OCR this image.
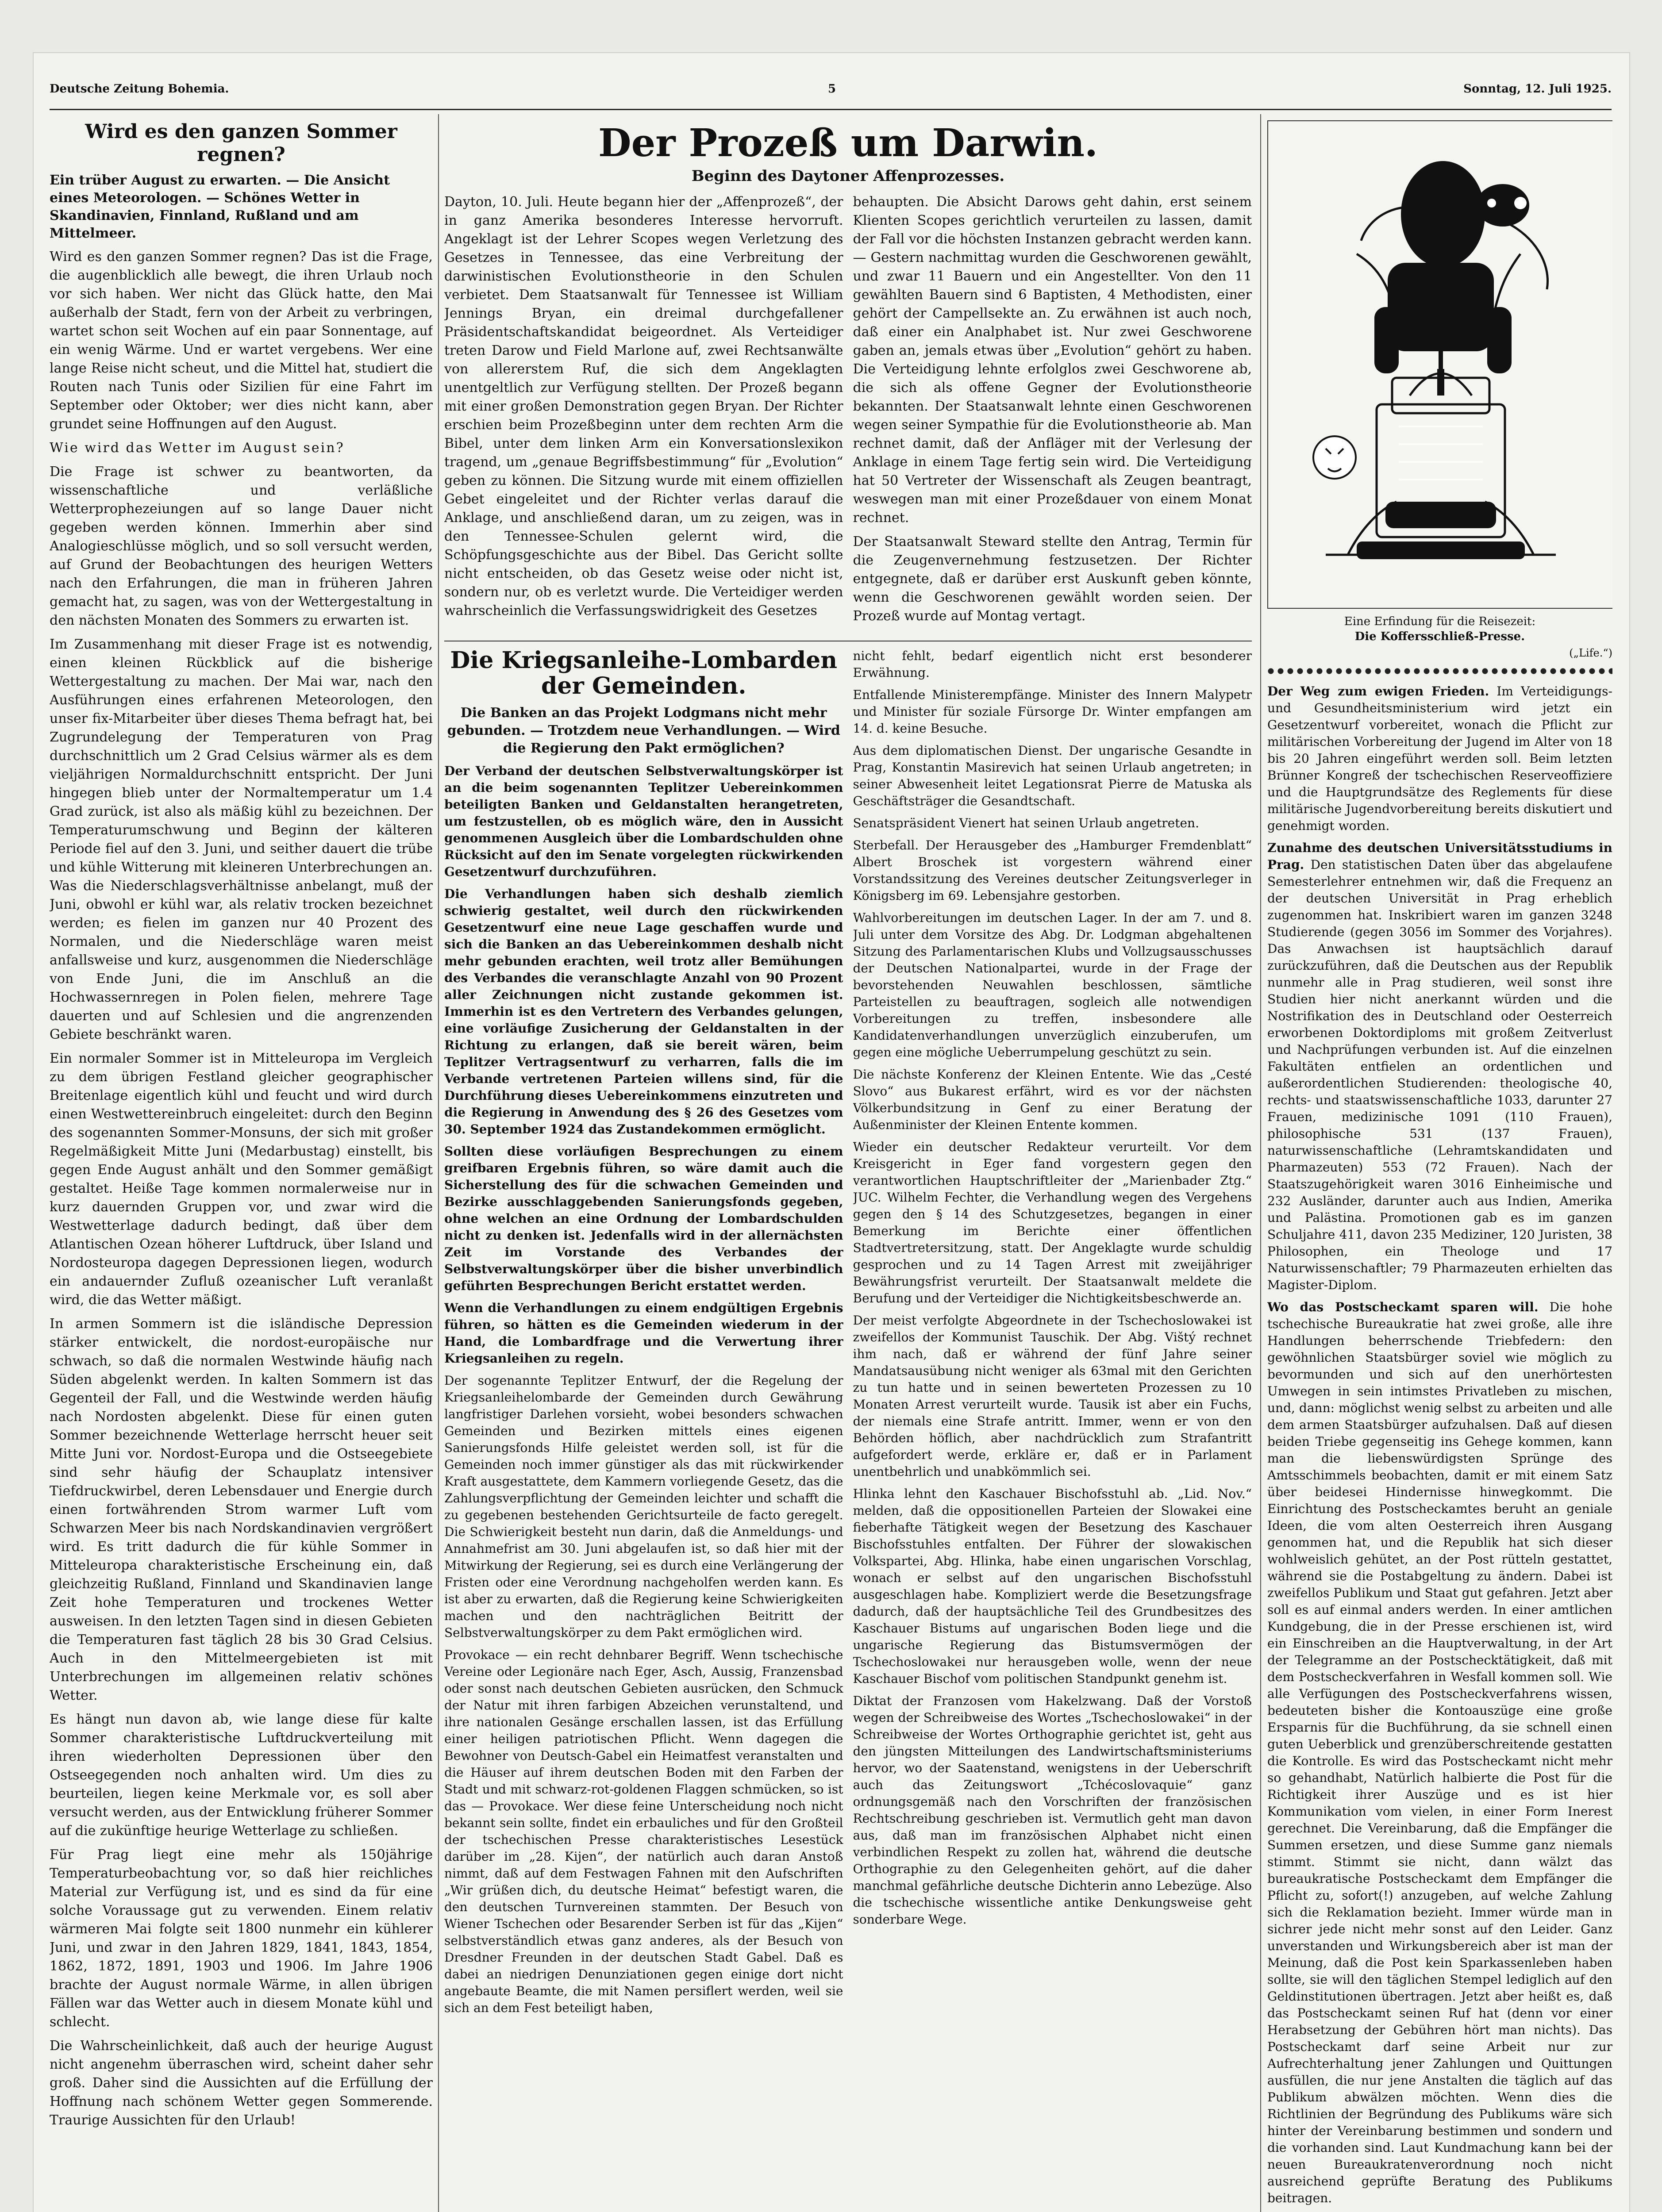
Deutsche Zeitung Bohemia.	5	Sonntag, 12. Juli 1925.
Wird es den ganzen Sommer regnen?
Ein trüber August zu erwarten. — Die Ansicht eines Meteorologen. — Schönes Wetter in Skandinavien, Finnland, Rußland und am Mittelmeer.

Wird es den ganzen Sommer regnen? Das ist die Frage, die augenblicklich alle bewegt, die ihren Urlaub noch vor sich haben. Wer nicht das Glück hatte, den Mai außerhalb der Stadt, fern von der Arbeit zu verbringen, wartet schon seit Wochen auf ein paar Sonnentage, auf ein wenig Wärme. Und er wartet vergebens. Wer eine lange Reise nicht scheut, und die Mittel hat, studiert die Routen nach Tunis oder Sizilien für eine Fahrt im September oder Oktober; wer dies nicht kann, aber grundet seine Hoffnungen auf den August.

Wie wird das Wetter im August sein?

Die Frage ist schwer zu beantworten, da wissenschaftliche und verläßliche Wetterprophezeiungen auf so lange Dauer nicht gegeben werden können. Immerhin aber sind Analogieschlüsse möglich, und so soll versucht werden, auf Grund der Beobachtungen des heurigen Wetters nach den Erfahrungen, die man in früheren Jahren gemacht hat, zu sagen, was von der Wettergestaltung in den nächsten Monaten des Sommers zu erwarten ist.

Im Zusammenhang mit dieser Frage ist es notwendig, einen kleinen Rückblick auf die bisherige Wettergestaltung zu machen. Der Mai war, nach den Ausführungen eines erfahrenen Meteorologen, den unser fix-Mitarbeiter über dieses Thema befragt hat, bei Zugrundelegung der Temperaturen von Prag durchschnittlich um 2 Grad Celsius wärmer als es dem vieljährigen Normaldurchschnitt entspricht. Der Juni hingegen blieb unter der Normaltemperatur um 1.4 Grad zurück, ist also als mäßig kühl zu bezeichnen. Der Temperaturumschwung und Beginn der kälteren Periode fiel auf den 3. Juni, und seither dauert die trübe und kühle Witterung mit kleineren Unterbrechungen an. Was die Niederschlagsverhältnisse anbelangt, muß der Juni, obwohl er kühl war, als relativ trocken bezeichnet werden; es fielen im ganzen nur 40 Prozent des Normalen, und die Niederschläge waren meist anfallsweise und kurz, ausgenommen die Niederschläge von Ende Juni, die im Anschluß an die Hochwassernregen in Polen fielen, mehrere Tage dauerten und auf Schlesien und die angrenzenden Gebiete beschränkt waren.

Ein normaler Sommer ist in Mitteleuropa im Vergleich zu dem übrigen Festland gleicher geographischer Breitenlage eigentlich kühl und feucht und wird durch einen Westwettereinbruch eingeleitet: durch den Beginn des sogenannten Sommer-Monsuns, der sich mit großer Regelmäßigkeit Mitte Juni (Medarbustag) einstellt, bis gegen Ende August anhält und den Sommer gemäßigt gestaltet. Heiße Tage kommen normalerweise nur in kurz dauernden Gruppen vor, und zwar wird die Westwetterlage dadurch bedingt, daß über dem Atlantischen Ozean höherer Luftdruck, über Island und Nordosteuropa dagegen Depressionen liegen, wodurch ein andauernder Zufluß ozeanischer Luft veranlaßt wird, die das Wetter mäßigt.

In armen Sommern ist die isländische Depression stärker entwickelt, die nordost-europäische nur schwach, so daß die normalen Westwinde häufig nach Süden abgelenkt werden. In kalten Sommern ist das Gegenteil der Fall, und die Westwinde werden häufig nach Nordosten abgelenkt. Diese für einen guten Sommer bezeichnende Wetterlage herrscht heuer seit Mitte Juni vor. Nordost-Europa und die Ostseegebiete sind sehr häufig der Schauplatz intensiver Tiefdruckwirbel, deren Lebensdauer und Energie durch einen fortwährenden Strom warmer Luft vom Schwarzen Meer bis nach Nordskandinavien vergrößert wird. Es tritt dadurch die für kühle Sommer in Mitteleuropa charakteristische Erscheinung ein, daß gleichzeitig Rußland, Finnland und Skandinavien lange Zeit hohe Temperaturen und trockenes Wetter ausweisen. In den letzten Tagen sind in diesen Gebieten die Temperaturen fast täglich 28 bis 30 Grad Celsius. Auch in den Mittelmeergebieten ist mit Unterbrechungen im allgemeinen relativ schönes Wetter.

Es hängt nun davon ab, wie lange diese für kalte Sommer charakteristische Luftdruckverteilung mit ihren wiederholten Depressionen über den Ostseegegenden noch anhalten wird. Um dies zu beurteilen, liegen keine Merkmale vor, es soll aber versucht werden, aus der Entwicklung früherer Sommer auf die zukünftige heurige Wetterlage zu schließen.

Für Prag liegt eine mehr als 150jährige Temperaturbeobachtung vor, so daß hier reichliches Material zur Verfügung ist, und es sind da für eine solche Voraussage gut zu verwenden. Einem relativ wärmeren Mai folgte seit 1800 nunmehr ein kühlerer Juni, und zwar in den Jahren 1829, 1841, 1843, 1854, 1862, 1872, 1891, 1903 und 1906. Im Jahre 1906 brachte der August normale Wärme, in allen übrigen Fällen war das Wetter auch in diesem Monate kühl und schlecht.

Die Wahrscheinlichkeit, daß auch der heurige August nicht angenehm überraschen wird, scheint daher sehr groß. Daher sind die Aussichten auf die Erfüllung der Hoffnung nach schönem Wetter gegen Sommerende. Traurige Aussichten für den Urlaub!

Der Prozeß um Darwin.
Beginn des Daytoner Affenprozesses.

Dayton, 10. Juli. Heute begann hier der „Affenprozeß“, der in ganz Amerika besonderes Interesse hervorruft. Angeklagt ist der Lehrer Scopes wegen Verletzung des Gesetzes in Tennessee, das eine Verbreitung der darwinistischen Evolutionstheorie in den Schulen verbietet. Dem Staatsanwalt für Tennessee ist William Jennings Bryan, ein dreimal durchgefallener Präsidentschaftskandidat beigeordnet. Als Verteidiger treten Darow und Field Marlone auf, zwei Rechtsanwälte von allererstem Ruf, die sich dem Angeklagten unentgeltlich zur Verfügung stellten. Der Prozeß begann mit einer großen Demonstration gegen Bryan. Der Richter erschien beim Prozeßbeginn unter dem rechten Arm die Bibel, unter dem linken Arm ein Konversationslexikon tragend, um „genaue Begriffsbestimmung“ für „Evolution“ geben zu können. Die Sitzung wurde mit einem offiziellen Gebet eingeleitet und der Richter verlas darauf die Anklage, und anschließend daran, um zu zeigen, was in den Tennessee-Schulen gelernt wird, die Schöpfungsgeschichte aus der Bibel. Das Gericht sollte nicht entscheiden, ob das Gesetz weise oder nicht ist, sondern nur, ob es verletzt wurde. Die Verteidiger werden wahrscheinlich die Verfassungswidrigkeit des Gesetzes

behaupten. Die Absicht Darows geht dahin, erst seinem Klienten Scopes gerichtlich verurteilen zu lassen, damit der Fall vor die höchsten Instanzen gebracht werden kann. — Gestern nachmittag wurden die Geschworenen gewählt, und zwar 11 Bauern und ein Angestellter. Von den 11 gewählten Bauern sind 6 Baptisten, 4 Methodisten, einer gehört der Campellsekte an. Zu erwähnen ist auch noch, daß einer ein Analphabet ist. Nur zwei Geschworene gaben an, jemals etwas über „Evolution“ gehört zu haben. Die Verteidigung lehnte erfolglos zwei Geschworene ab, die sich als offene Gegner der Evolutionstheorie bekannten. Der Staatsanwalt lehnte einen Geschworenen wegen seiner Sympathie für die Evolutionstheorie ab. Man rechnet damit, daß der Anfläger mit der Verlesung der Anklage in einem Tage fertig sein wird. Die Verteidigung hat 50 Vertreter der Wissenschaft als Zeugen beantragt, weswegen man mit einer Prozeßdauer von einem Monat rechnet.

Der Staatsanwalt Steward stellte den Antrag, Termin für die Zeugenvernehmung festzusetzen. Der Richter entgegnete, daß er darüber erst Auskunft geben könnte, wenn die Geschworenen gewählt worden seien. Der Prozeß wurde auf Montag vertagt.

Die Kriegsanleihe-Lombarden der Gemeinden.
Die Banken an das Projekt Lodgmans nicht mehr gebunden. — Trotzdem neue Verhandlungen. — Wird die Regierung den Pakt ermöglichen?

Der Verband der deutschen Selbstverwaltungskörper ist an die beim sogenannten Teplitzer Uebereinkommen beteiligten Banken und Geldanstalten herangetreten, um festzustellen, ob es möglich wäre, den in Aussicht genommenen Ausgleich über die Lombardschulden ohne Rücksicht auf den im Senate vorgelegten rückwirkenden Gesetzentwurf durchzuführen.

Die Verhandlungen haben sich deshalb ziemlich schwierig gestaltet, weil durch den rückwirkenden Gesetzentwurf eine neue Lage geschaffen wurde und sich die Banken an das Uebereinkommen deshalb nicht mehr gebunden erachten, weil trotz aller Bemühungen des Verbandes die veranschlagte Anzahl von 90 Prozent aller Zeichnungen nicht zustande gekommen ist. Immerhin ist es den Vertretern des Verbandes gelungen, eine vorläufige Zusicherung der Geldanstalten in der Richtung zu erlangen, daß sie bereit wären, beim Teplitzer Vertragsentwurf zu verharren, falls die im Verbande vertretenen Parteien willens sind, für die Durchführung dieses Uebereinkommens einzutreten und die Regierung in Anwendung des § 26 des Gesetzes vom 30. September 1924 das Zustandekommen ermöglicht.

Sollten diese vorläufigen Besprechungen zu einem greifbaren Ergebnis führen, so wäre damit auch die Sicherstellung des für die schwachen Gemeinden und Bezirke ausschlaggebenden Sanierungsfonds gegeben, ohne welchen an eine Ordnung der Lombardschulden nicht zu denken ist. Jedenfalls wird in der allernächsten Zeit im Vorstande des Verbandes der Selbstverwaltungskörper über die bisher unverbindlich geführten Besprechungen Bericht erstattet werden.

Wenn die Verhandlungen zu einem endgültigen Ergebnis führen, so hätten es die Gemeinden wiederum in der Hand, die Lombardfrage und die Verwertung ihrer Kriegsanleihen zu regeln.

Der sogenannte Teplitzer Entwurf, der die Regelung der Kriegsanleihelombarde der Gemeinden durch Gewährung langfristiger Darlehen vorsieht, wobei besonders schwachen Gemeinden und Bezirken mittels eines eigenen Sanierungsfonds Hilfe geleistet werden soll, ist für die Gemeinden noch immer günstiger als das mit rückwirkender Kraft ausgestattete, dem Kammern vorliegende Gesetz, das die Zahlungsverpflichtung der Gemeinden leichter und schafft die zu gegebenen bestehenden Gerichtsurteile de facto geregelt. Die Schwierigkeit besteht nun darin, daß die Anmeldungs- und Annahmefrist am 30. Juni abgelaufen ist, so daß hier mit der Mitwirkung der Regierung, sei es durch eine Verlängerung der Fristen oder eine Verordnung nachgeholfen werden kann. Es ist aber zu erwarten, daß die Regierung keine Schwierigkeiten machen und den nachträglichen Beitritt der Selbstverwaltungskörper zu dem Pakt ermöglichen wird.

Provokace — ein recht dehnbarer Begriff. Wenn tschechische Vereine oder Legionäre nach Eger, Asch, Aussig, Franzensbad oder sonst nach deutschen Gebieten ausrücken, den Schmuck der Natur mit ihren farbigen Abzeichen verunstaltend, und ihre nationalen Gesänge erschallen lassen, ist das Erfüllung einer heiligen patriotischen Pflicht. Wenn dagegen die Bewohner von Deutsch-Gabel ein Heimatfest veranstalten und die Häuser auf ihrem deutschen Boden mit den Farben der Stadt und mit schwarz-rot-goldenen Flaggen schmücken, so ist das — Provokace. Wer diese feine Unterscheidung noch nicht bekannt sein sollte, findet ein erbauliches und für den Großteil der tschechischen Presse charakteristisches Lesestück darüber im „28. Kijen“, der natürlich auch daran Anstoß nimmt, daß auf dem Festwagen Fahnen mit den Aufschriften „Wir grüßen dich, du deutsche Heimat“ befestigt waren, die den deutschen Turnvereinen stammten. Der Besuch von Wiener Tschechen oder Besarender Serben ist für das „Kijen“ selbstverständlich etwas ganz anderes, als der Besuch von Dresdner Freunden in der deutschen Stadt Gabel. Daß es dabei an niedrigen Denunziationen gegen einige dort nicht angebaute Beamte, die mit Namen persiflert werden, weil sie sich an dem Fest beteiligt haben,

nicht fehlt, bedarf eigentlich nicht erst besonderer Erwähnung.

Entfallende Ministerempfänge. Minister des Innern Malypetr und Minister für soziale Fürsorge Dr. Winter empfangen am 14. d. keine Besuche.

Aus dem diplomatischen Dienst. Der ungarische Gesandte in Prag, Konstantin Masirevich hat seinen Urlaub angetreten; in seiner Abwesenheit leitet Legationsrat Pierre de Matuska als Geschäftsträger die Gesandtschaft.

Senatspräsident Vienert hat seinen Urlaub angetreten.

Sterbefall. Der Herausgeber des „Hamburger Fremdenblatt“ Albert Broschek ist vorgestern während einer Vorstandssitzung des Vereines deutscher Zeitungsverleger in Königsberg im 69. Lebensjahre gestorben.

Wahlvorbereitungen im deutschen Lager. In der am 7. und 8. Juli unter dem Vorsitze des Abg. Dr. Lodgman abgehaltenen Sitzung des Parlamentarischen Klubs und Vollzugsausschusses der Deutschen Nationalpartei, wurde in der Frage der bevorstehenden Neuwahlen beschlossen, sämtliche Parteistellen zu beauftragen, sogleich alle notwendigen Vorbereitungen zu treffen, insbesondere alle Kandidatenverhandlungen unverzüglich einzuberufen, um gegen eine mögliche Ueberrumpelung geschützt zu sein.

Die nächste Konferenz der Kleinen Entente. Wie das „Cesté Slovo“ aus Bukarest erfährt, wird es vor der nächsten Völkerbundsitzung in Genf zu einer Beratung der Außenminister der Kleinen Entente kommen.

Wieder ein deutscher Redakteur verurteilt. Vor dem Kreisgericht in Eger fand vorgestern gegen den verantwortlichen Hauptschriftleiter der „Marienbader Ztg.“ JUC. Wilhelm Fechter, die Verhandlung wegen des Vergehens gegen den § 14 des Schutzgesetzes, begangen in einer Bemerkung im Berichte einer öffentlichen Stadtvertretersitzung, statt. Der Angeklagte wurde schuldig gesprochen und zu 14 Tagen Arrest mit zweijähriger Bewährungsfrist verurteilt. Der Staatsanwalt meldete die Berufung und der Verteidiger die Nichtigkeitsbeschwerde an.

Der meist verfolgte Abgeordnete in der Tschechoslowakei ist zweifellos der Kommunist Tauschik. Der Abg. Vištý rechnet ihm nach, daß er während der fünf Jahre seiner Mandatsausübung nicht weniger als 63mal mit den Gerichten zu tun hatte und in seinen bewerteten Prozessen zu 10 Monaten Arrest verurteilt wurde. Tausik ist aber ein Fuchs, der niemals eine Strafe antritt. Immer, wenn er von den Behörden höflich, aber nachdrücklich zum Strafantritt aufgefordert werde, erkläre er, daß er in Parlament unentbehrlich und unabkömmlich sei.

Hlinka lehnt den Kaschauer Bischofsstuhl ab. „Lid. Nov.“ melden, daß die oppositionellen Parteien der Slowakei eine fieberhafte Tätigkeit wegen der Besetzung des Kaschauer Bischofsstuhles entfalten. Der Führer der slowakischen Volkspartei, Abg. Hlinka, habe einen ungarischen Vorschlag, wonach er selbst auf den ungarischen Bischofsstuhl ausgeschlagen habe. Kompliziert werde die Besetzungsfrage dadurch, daß der hauptsächliche Teil des Grundbesitzes des Kaschauer Bistums auf ungarischen Boden liege und die ungarische Regierung das Bistumsvermögen der Tschechoslowakei nur herausgeben wolle, wenn der neue Kaschauer Bischof vom politischen Standpunkt genehm ist.

Diktat der Franzosen vom Hakelzwang. Daß der Vorstoß wegen der Schreibweise des Wortes „Tschechoslowakei“ in der Schreibweise der Wortes Orthographie gerichtet ist, geht aus den jüngsten Mitteilungen des Landwirtschaftsministeriums hervor, wo der Saatenstand, wenigstens in der Ueberschrift auch das Zeitungswort „Tchécoslovaquie“ ganz ordnungsgemäß nach den Vorschriften der französischen Rechtschreibung geschrieben ist. Vermutlich geht man davon aus, daß man im französischen Alphabet nicht einen verbindlichen Respekt zu zollen hat, während die deutsche Orthographie zu den Gelegenheiten gehört, auf die daher manchmal gefährliche deutsche Dichterin anno Lebezüge. Also die tschechische wissentliche antike Denkungsweise geht sonderbare Wege.

Eine Erfindung für die Reisezeit:
Die Koffersschließ-Presse.
(„Life.“)

Der Weg zum ewigen Frieden. Im Verteidigungs- und Gesundheitsministerium wird jetzt ein Gesetzentwurf vorbereitet, wonach die Pflicht zur militärischen Vorbereitung der Jugend im Alter von 18 bis 20 Jahren eingeführt werden soll. Beim letzten Brünner Kongreß der tschechischen Reserveoffiziere und die Hauptgrundsätze des Reglements für diese militärische Jugendvorbereitung bereits diskutiert und genehmigt worden.

Zunahme des deutschen Universitätsstudiums in Prag. Den statistischen Daten über das abgelaufene Semesterlehrer entnehmen wir, daß die Frequenz an der deutschen Universität in Prag erheblich zugenommen hat. Inskribiert waren im ganzen 3248 Studierende (gegen 3056 im Sommer des Vorjahres). Das Anwachsen ist hauptsächlich darauf zurückzuführen, daß die Deutschen aus der Republik nunmehr alle in Prag studieren, weil sonst ihre Studien hier nicht anerkannt würden und die Nostrifikation des in Deutschland oder Oesterreich erworbenen Doktordiploms mit großem Zeitverlust und Nachprüfungen verbunden ist. Auf die einzelnen Fakultäten entfielen an ordentlichen und außerordentlichen Studierenden: theologische 40, rechts- und staatswissenschaftliche 1033, darunter 27 Frauen, medizinische 1091 (110 Frauen), philosophische 531 (137 Frauen), naturwissenschaftliche (Lehramtskandidaten und Pharmazeuten) 553 (72 Frauen). Nach der Staatszugehörigkeit waren 3016 Einheimische und 232 Ausländer, darunter auch aus Indien, Amerika und Palästina. Promotionen gab es im ganzen Schuljahre 411, davon 235 Mediziner, 120 Juristen, 38 Philosophen, ein Theologe und 17 Naturwissenschaftler; 79 Pharmazeuten erhielten das Magister-Diplom.

Wo das Postscheckamt sparen will. Die hohe tschechische Bureaukratie hat zwei große, alle ihre Handlungen beherrschende Triebfedern: den gewöhnlichen Staatsbürger soviel wie möglich zu bevormunden und sich auf den unerhörtesten Umwegen in sein intimstes Privatleben zu mischen, und, dann: möglichst wenig selbst zu arbeiten und alle dem armen Staatsbürger aufzuhalsen. Daß auf diesen beiden Triebe gegenseitig ins Gehege kommen, kann man die liebenswürdigsten Sprünge des Amtsschimmels beobachten, damit er mit einem Satz über beidesei Hindernisse hinwegkommt. Die Einrichtung des Postscheckamtes beruht an geniale Ideen, die vom alten Oesterreich ihren Ausgang genommen hat, und die Republik hat sich dieser wohlweislich gehütet, an der Post rütteln gestattet, während sie die Postabgeltung zu ändern. Dabei ist zweifellos Publikum und Staat gut gefahren. Jetzt aber soll es auf einmal anders werden. In einer amtlichen Kundgebung, die in der Presse erschienen ist, wird ein Einschreiben an die Hauptverwaltung, in der Art der Telegramme an der Postschecktätigkeit, daß mit dem Postscheckverfahren in Wesfall kommen soll. Wie alle Verfügungen des Postscheckverfahrens wissen, bedeuteten bisher die Kontoauszüge eine große Ersparnis für die Buchführung, da sie schnell einen guten Ueberblick und grenzüberschreitende gestatten die Kontrolle. Es wird das Postscheckamt nicht mehr so gehandhabt, Natürlich halbierte die Post für die Richtigkeit ihrer Auszüge und es ist hier Kommunikation vom vielen, in einer Form Inerest gerechnet. Die Vereinbarung, daß die Empfänger die Summen ersetzen, und diese Summe ganz niemals stimmt. Stimmt sie nicht, dann wälzt das bureaukratische Postscheckamt dem Empfänger die Pflicht zu, sofort(!) anzugeben, auf welche Zahlung sich die Reklamation bezieht. Immer würde man in sichrer jede nicht mehr sonst auf den Leider. Ganz unverstanden und Wirkungsbereich aber ist man der Meinung, daß die Post kein Sparkassenleben haben sollte, sie will den täglichen Stempel lediglich auf den Geldinstitutionen übertragen. Jetzt aber heißt es, daß das Postscheckamt seinen Ruf hat (denn vor einer Herabsetzung der Gebühren hört man nichts). Das Postscheckamt darf seine Arbeit nur zur Aufrechterhaltung jener Zahlungen und Quittungen ausfüllen, die nur jene Anstalten die täglich auf das Publikum abwälzen möchten. Wenn dies die Richtlinien der Begründung des Publikums wäre sich hinter der Vereinbarung bestimmen und sondern und die vorhanden sind. Laut Kundmachung kann bei der neuen Bureaukratenverordnung noch nicht ausreichend geprüfte Beratung des Publikums beitragen.
